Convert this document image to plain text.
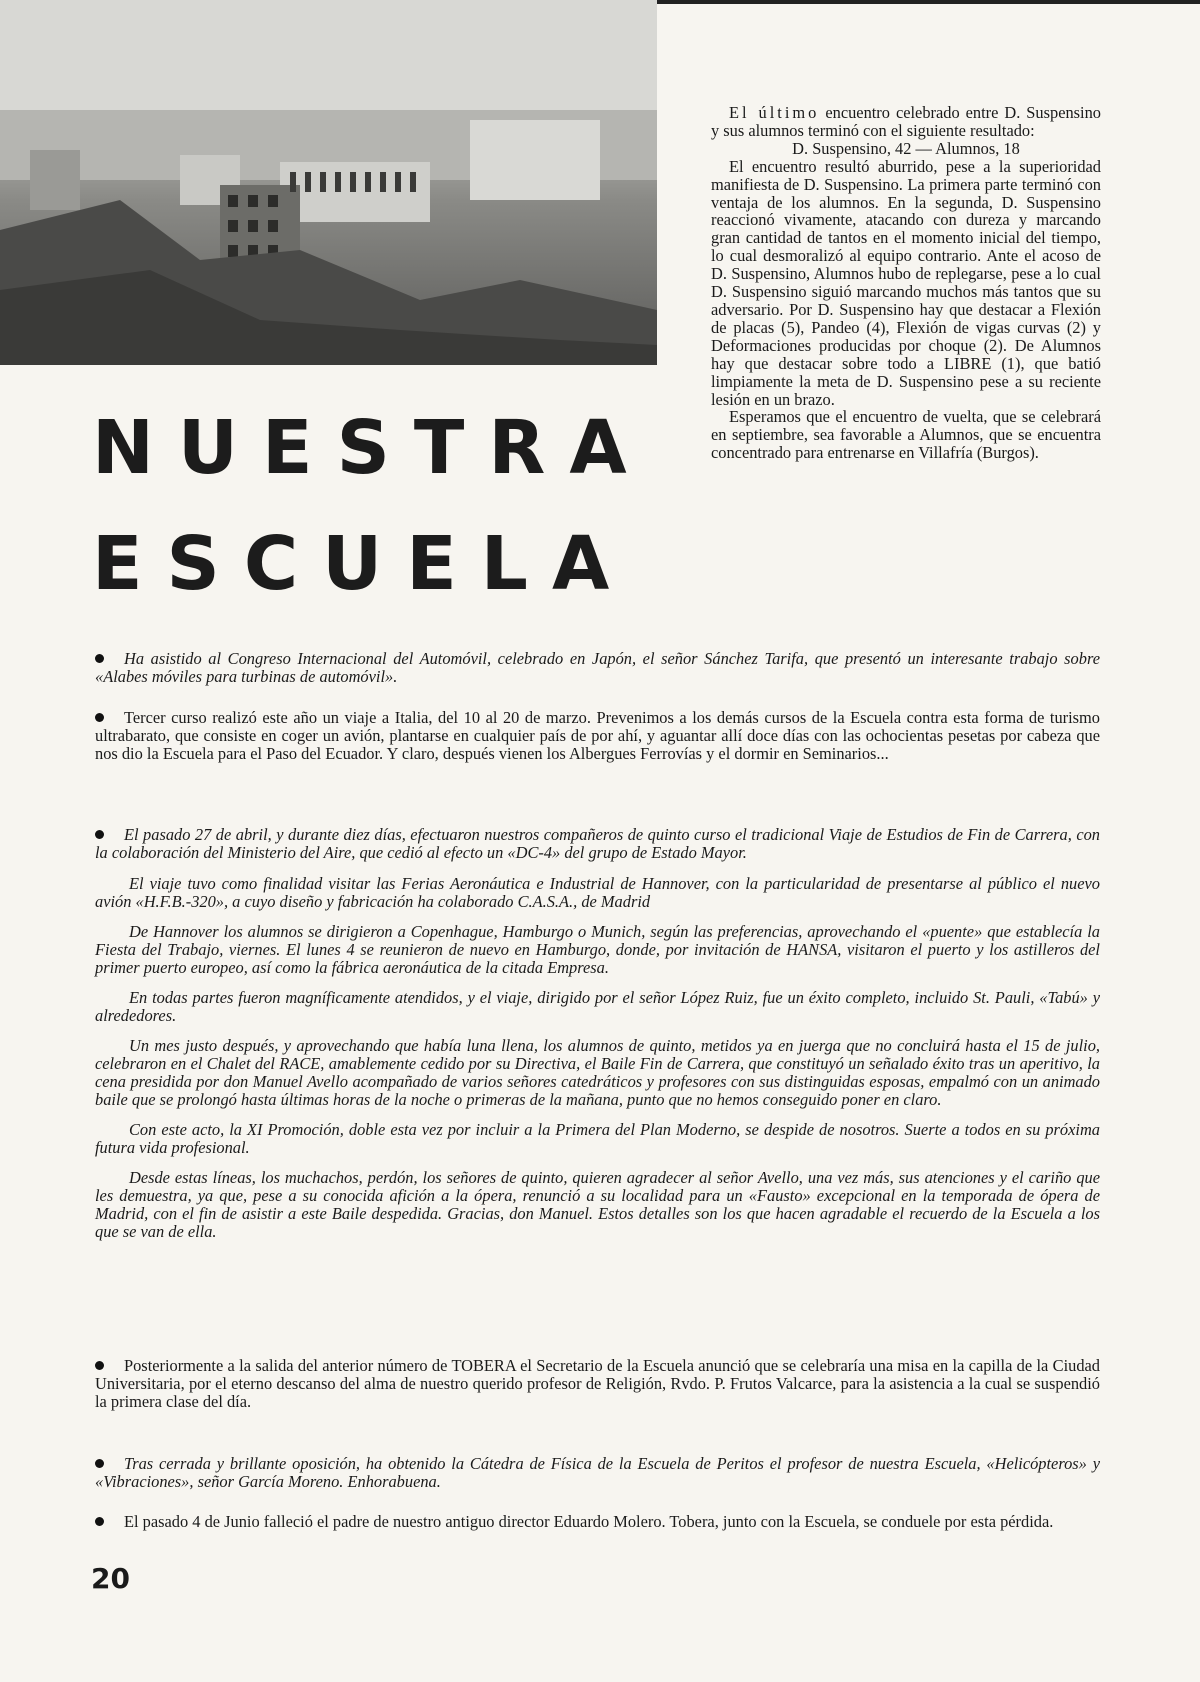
NUESTRA
ESCUELA

El último encuentro celebrado entre D. Suspensino y sus alumnos terminó con el siguiente resultado:

D. Suspensino, 42 — Alumnos, 18

El encuentro resultó aburrido, pese a la superioridad manifiesta de D. Suspensino. La primera parte terminó con ventaja de los alumnos. En la segunda, D. Suspensino reaccionó vivamente, atacando con dureza y marcando gran cantidad de tantos en el momento inicial del tiempo, lo cual desmoralizó al equipo contrario. Ante el acoso de D. Suspensino, Alumnos hubo de replegarse, pese a lo cual D. Suspensino siguió marcando muchos más tantos que su adversario. Por D. Suspensino hay que destacar a Flexión de placas (5), Pandeo (4), Flexión de vigas curvas (2) y Deformaciones producidas por choque (2). De Alumnos hay que destacar sobre todo a LIBRE (1), que batió limpiamente la meta de D. Suspensino pese a su reciente lesión en un brazo.

Esperamos que el encuentro de vuelta, que se celebrará en septiembre, sea favorable a Alumnos, que se encuentra concentrado para entrenarse en Villafría (Burgos).

Ha asistido al Congreso Internacional del Automóvil, celebrado en Japón, el señor Sánchez Tarifa, que presentó un interesante trabajo sobre «Alabes móviles para turbinas de automóvil».

Tercer curso realizó este año un viaje a Italia, del 10 al 20 de marzo. Prevenimos a los demás cursos de la Escuela contra esta forma de turismo ultrabarato, que consiste en coger un avión, plantarse en cualquier país de por ahí, y aguantar allí doce días con las ochocientas pesetas por cabeza que nos dio la Escuela para el Paso del Ecuador. Y claro, después vienen los Albergues Ferrovías y el dormir en Seminarios...

El pasado 27 de abril, y durante diez días, efectuaron nuestros compañeros de quinto curso el tradicional Viaje de Estudios de Fin de Carrera, con la colaboración del Ministerio del Aire, que cedió al efecto un «DC-4» del grupo de Estado Mayor.

El viaje tuvo como finalidad visitar las Ferias Aeronáutica e Industrial de Hannover, con la particularidad de presentarse al público el nuevo avión «H.F.B.-320», a cuyo diseño y fabricación ha colaborado C.A.S.A., de Madrid

De Hannover los alumnos se dirigieron a Copenhague, Hamburgo o Munich, según las preferencias, aprovechando el «puente» que establecía la Fiesta del Trabajo, viernes. El lunes 4 se reunieron de nuevo en Hamburgo, donde, por invitación de HANSA, visitaron el puerto y los astilleros del primer puerto europeo, así como la fábrica aeronáutica de la citada Empresa.

En todas partes fueron magníficamente atendidos, y el viaje, dirigido por el señor López Ruiz, fue un éxito completo, incluido St. Pauli, «Tabú» y alrededores.

Un mes justo después, y aprovechando que había luna llena, los alumnos de quinto, metidos ya en juerga que no concluirá hasta el 15 de julio, celebraron en el Chalet del RACE, amablemente cedido por su Directiva, el Baile Fin de Carrera, que constituyó un señalado éxito tras un aperitivo, la cena presidida por don Manuel Avello acompañado de varios señores catedráticos y profesores con sus distinguidas esposas, empalmó con un animado baile que se prolongó hasta últimas horas de la noche o primeras de la mañana, punto que no hemos conseguido poner en claro.

Con este acto, la XI Promoción, doble esta vez por incluir a la Primera del Plan Moderno, se despide de nosotros. Suerte a todos en su próxima futura vida profesional.

Desde estas líneas, los muchachos, perdón, los señores de quinto, quieren agradecer al señor Avello, una vez más, sus atenciones y el cariño que les demuestra, ya que, pese a su conocida afición a la ópera, renunció a su localidad para un «Fausto» excepcional en la temporada de ópera de Madrid, con el fin de asistir a este Baile despedida. Gracias, don Manuel. Estos detalles son los que hacen agradable el recuerdo de la Escuela a los que se van de ella.

Posteriormente a la salida del anterior número de TOBERA el Secretario de la Escuela anunció que se celebraría una misa en la capilla de la Ciudad Universitaria, por el eterno descanso del alma de nuestro querido profesor de Religión, Rvdo. P. Frutos Valcarce, para la asistencia a la cual se suspendió la primera clase del día.

Tras cerrada y brillante oposición, ha obtenido la Cátedra de Física de la Escuela de Peritos el profesor de nuestra Escuela, «Helicópteros» y «Vibraciones», señor García Moreno. Enhorabuena.

El pasado 4 de Junio falleció el padre de nuestro antiguo director Eduardo Molero. Tobera, junto con la Escuela, se conduele por esta pérdida.

20
